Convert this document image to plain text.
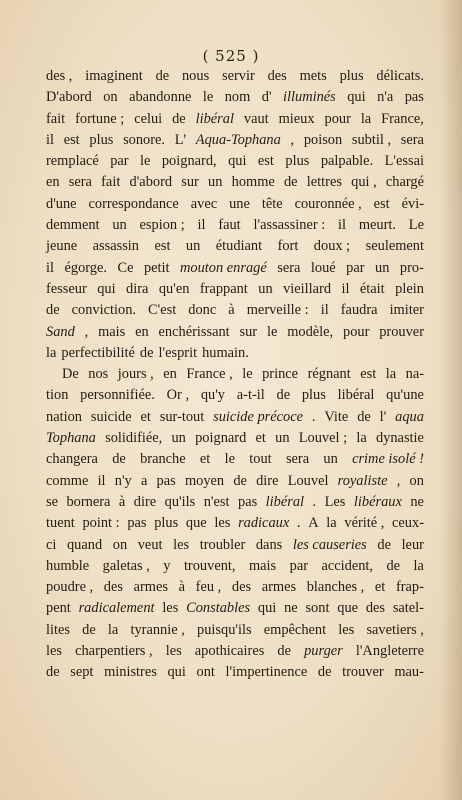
( 525 )
des , imaginent de nous servir des mets plus délicats.
D'abord on abandonne le nom d' illuminés qui n'a pas
fait fortune ; celui de libéral vaut mieux pour la France,
il est plus sonore. L' Aqua-Tophana , poison subtil , sera
remplacé par le poignard, qui est plus palpable. L'essai
en sera fait d'abord sur un homme de lettres qui , chargé
d'une correspondance avec une tête couronnée , est évi-
demment un espion ; il faut l'assassiner : il meurt. Le
jeune assassin est un étudiant fort doux ; seulement
il égorge. Ce petit mouton enragé sera loué par un pro-
fesseur qui dira qu'en frappant un vieillard il était plein
de conviction. C'est donc à merveille : il faudra imiter
Sand , mais en enchérissant sur le modèle, pour prouver
la perfectibilité de l'esprit humain.
De nos jours , en France , le prince régnant est la na-
tion personnifiée. Or , qu'y a-t-il de plus libéral qu'une
nation suicide et sur-tout suicide précoce . Vite de l' aqua
Tophana solidifiée, un poignard et un Louvel ; la dynastie
changera de branche et le tout sera un crime isolé !
comme il n'y a pas moyen de dire Louvel royaliste , on
se bornera à dire qu'ils n'est pas libéral . Les libéraux ne
tuent point : pas plus que les radicaux . A la vérité , ceux-
ci quand on veut les troubler dans les causeries de leur
humble galetas , y trouvent, mais par accident, de la
poudre , des armes à feu , des armes blanches , et frap-
pent radicalement les Constables qui ne sont que des satel-
lites de la tyrannie , puisqu'ils empêchent les savetiers ,
les charpentiers , les apothicaires de purger l'Angleterre
de sept ministres qui ont l'impertinence de trouver mau-
